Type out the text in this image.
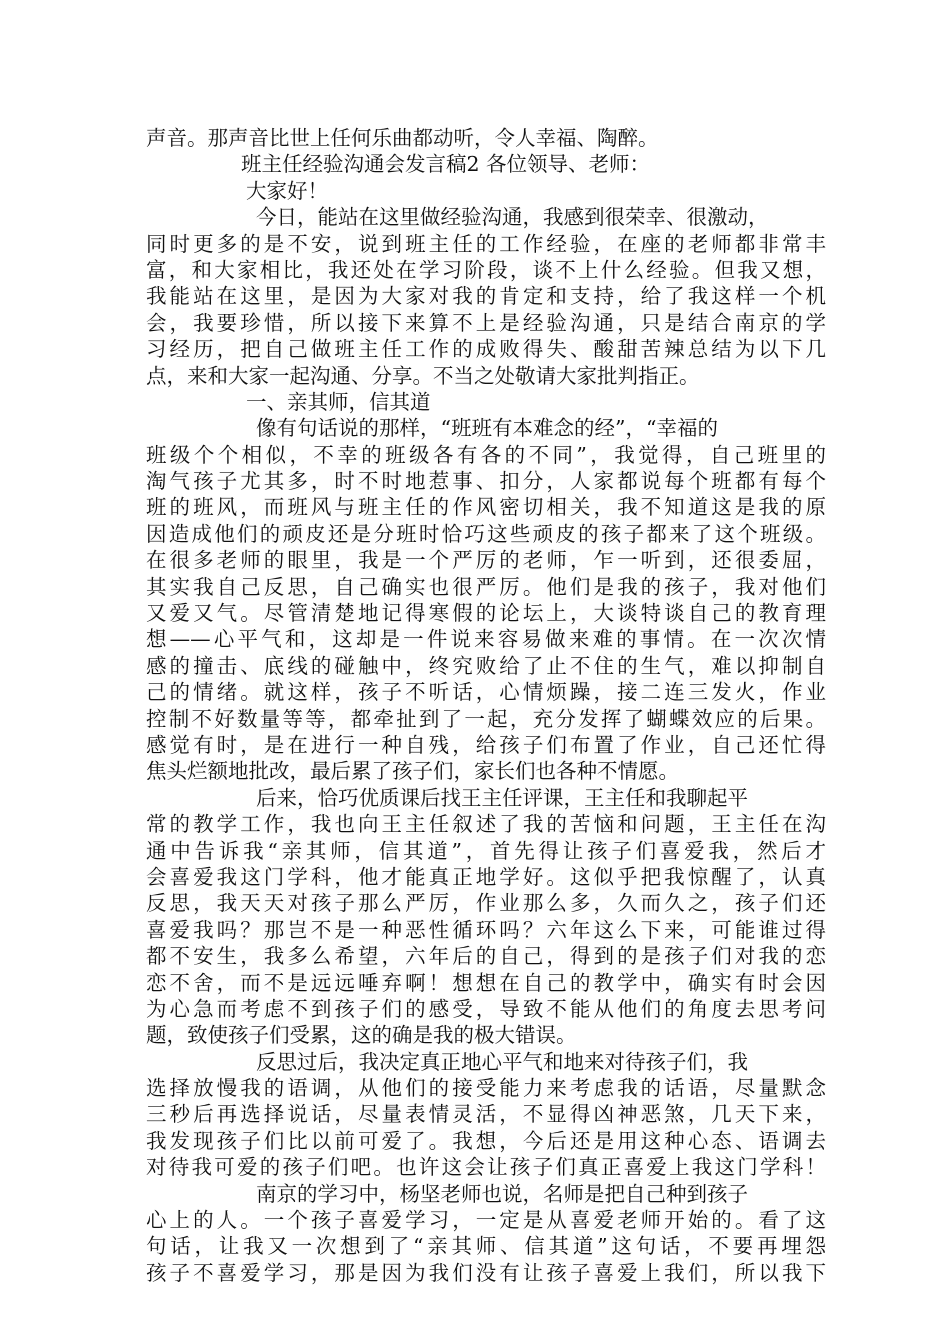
声音。那声音比世上任何乐曲都动听，令人幸福、陶醉。
班主任经验沟通会发言稿2 各位领导、老师：
大家好！
今日，能站在这里做经验沟通，我感到很荣幸、很激动，
同时更多的是不安，说到班主任的工作经验，在座的老师都非常丰
富，和大家相比，我还处在学习阶段，谈不上什么经验。但我又想，
我能站在这里，是因为大家对我的肯定和支持，给了我这样一个机
会，我要珍惜，所以接下来算不上是经验沟通，只是结合南京的学
习经历，把自己做班主任工作的成败得失、酸甜苦辣总结为以下几
点，来和大家一起沟通、分享。不当之处敬请大家批判指正。
一、亲其师，信其道
像有句话说的那样，“班班有本难念的经”，“幸福的
班级个个相似，不幸的班级各有各的不同”，我觉得，自己班里的
淘气孩子尤其多，时不时地惹事、扣分，人家都说每个班都有每个
班的班风，而班风与班主任的作风密切相关，我不知道这是我的原
因造成他们的顽皮还是分班时恰巧这些顽皮的孩子都来了这个班级。
在很多老师的眼里，我是一个严厉的老师，乍一听到，还很委屈，
其实我自己反思，自己确实也很严厉。他们是我的孩子，我对他们
又爱又气。尽管清楚地记得寒假的论坛上，大谈特谈自己的教育理
想——心平气和，这却是一件说来容易做来难的事情。在一次次情
感的撞击、底线的碰触中，终究败给了止不住的生气，难以抑制自
己的情绪。就这样，孩子不听话，心情烦躁，接二连三发火，作业
控制不好数量等等，都牵扯到了一起，充分发挥了蝴蝶效应的后果。
感觉有时，是在进行一种自残，给孩子们布置了作业，自己还忙得
焦头烂额地批改，最后累了孩子们，家长们也各种不情愿。
后来，恰巧优质课后找王主任评课，王主任和我聊起平
常的教学工作，我也向王主任叙述了我的苦恼和问题，王主任在沟
通中告诉我“亲其师，信其道”，首先得让孩子们喜爱我，然后才
会喜爱我这门学科，他才能真正地学好。这似乎把我惊醒了，认真
反思，我天天对孩子那么严厉，作业那么多，久而久之，孩子们还
喜爱我吗？那岂不是一种恶性循环吗？六年这么下来，可能谁过得
都不安生，我多么希望，六年后的自己，得到的是孩子们对我的恋
恋不舍，而不是远远唾弃啊！想想在自己的教学中，确实有时会因
为心急而考虑不到孩子们的感受，导致不能从他们的角度去思考问
题，致使孩子们受累，这的确是我的极大错误。
反思过后，我决定真正地心平气和地来对待孩子们，我
选择放慢我的语调，从他们的接受能力来考虑我的话语，尽量默念
三秒后再选择说话，尽量表情灵活，不显得凶神恶煞，几天下来，
我发现孩子们比以前可爱了。我想，今后还是用这种心态、语调去
对待我可爱的孩子们吧。也许这会让孩子们真正喜爱上我这门学科！
南京的学习中，杨坚老师也说，名师是把自己种到孩子
心上的人。一个孩子喜爱学习，一定是从喜爱老师开始的。看了这
句话，让我又一次想到了“亲其师、信其道”这句话，不要再埋怨
孩子不喜爱学习，那是因为我们没有让孩子喜爱上我们，所以我下
